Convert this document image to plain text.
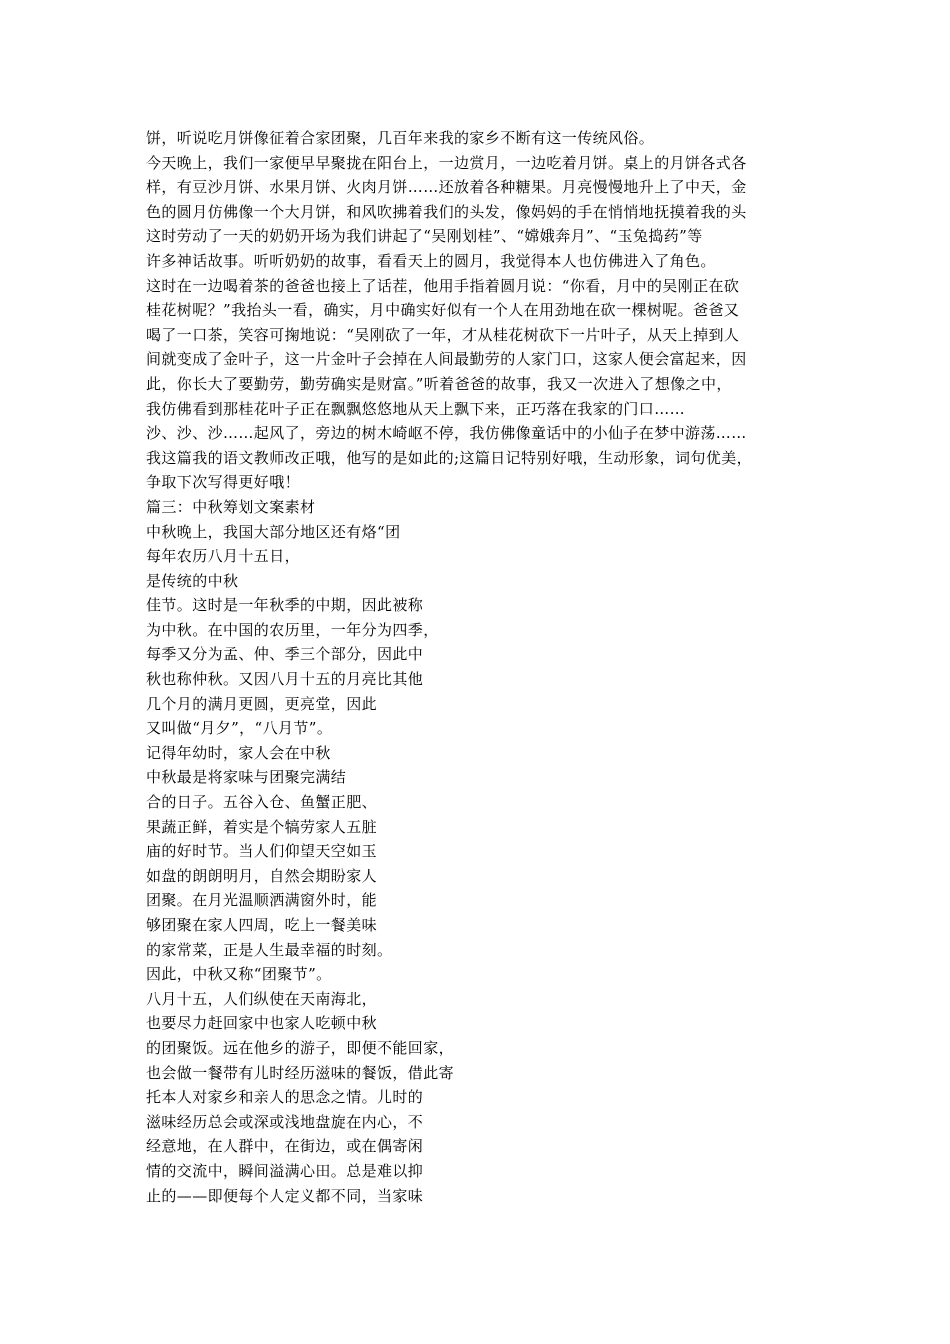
饼，听说吃月饼像征着合家团聚，几百年来我的家乡不断有这一传统风俗。
今天晚上，我们一家便早早聚拢在阳台上，一边赏月，一边吃着月饼。桌上的月饼各式各
样，有豆沙月饼、水果月饼、火肉月饼……还放着各种糖果。月亮慢慢地升上了中天，金
色的圆月仿佛像一个大月饼，和风吹拂着我们的头发，像妈妈的手在悄悄地抚摸着我的头
这时劳动了一天的奶奶开场为我们讲起了“吴刚划桂”、“嫦娥奔月”、“玉兔捣药”等
许多神话故事。听听奶奶的故事，看看天上的圆月，我觉得本人也仿佛进入了角色。
这时在一边喝着茶的爸爸也接上了话茬，他用手指着圆月说：“你看，月中的吴刚正在砍
桂花树呢？”我抬头一看，确实，月中确实好似有一个人在用劲地在砍一棵树呢。爸爸又
喝了一口茶，笑容可掬地说：“吴刚砍了一年，才从桂花树砍下一片叶子，从天上掉到人
间就变成了金叶子，这一片金叶子会掉在人间最勤劳的人家门口，这家人便会富起来，因
此，你长大了要勤劳，勤劳确实是财富。”听着爸爸的故事，我又一次进入了想像之中，
我仿佛看到那桂花叶子正在飘飘悠悠地从天上飘下来，正巧落在我家的门口……
沙、沙、沙……起风了，旁边的树木崎岖不停，我仿佛像童话中的小仙子在梦中游荡……
我这篇我的语文教师改正哦，他写的是如此的;这篇日记特别好哦，生动形象，词句优美，
争取下次写得更好哦！
篇三：中秋筹划文案素材
中秋晚上，我国大部分地区还有烙“团
每年农历八月十五日，
是传统的中秋
佳节。这时是一年秋季的中期，因此被称
为中秋。在中国的农历里，一年分为四季，
每季又分为孟、仲、季三个部分，因此中
秋也称仲秋。又因八月十五的月亮比其他
几个月的满月更圆，更亮堂，因此
又叫做“月夕”，“八月节”。
记得年幼时，家人会在中秋
中秋最是将家味与团聚完满结
合的日子。五谷入仓、鱼蟹正肥、
果蔬正鲜，着实是个犒劳家人五脏
庙的好时节。当人们仰望天空如玉
如盘的朗朗明月，自然会期盼家人
团聚。在月光温顺洒满窗外时，能
够团聚在家人四周，吃上一餐美味
的家常菜，正是人生最幸福的时刻。
因此，中秋又称“团聚节”。
八月十五，人们纵使在天南海北，
也要尽力赶回家中也家人吃顿中秋
的团聚饭。远在他乡的游子，即便不能回家，
也会做一餐带有儿时经历滋味的餐饭，借此寄
托本人对家乡和亲人的思念之情。儿时的
滋味经历总会或深或浅地盘旋在内心，不
经意地，在人群中，在街边，或在偶寄闲
情的交流中，瞬间溢满心田。总是难以抑
止的——即便每个人定义都不同，当家味
